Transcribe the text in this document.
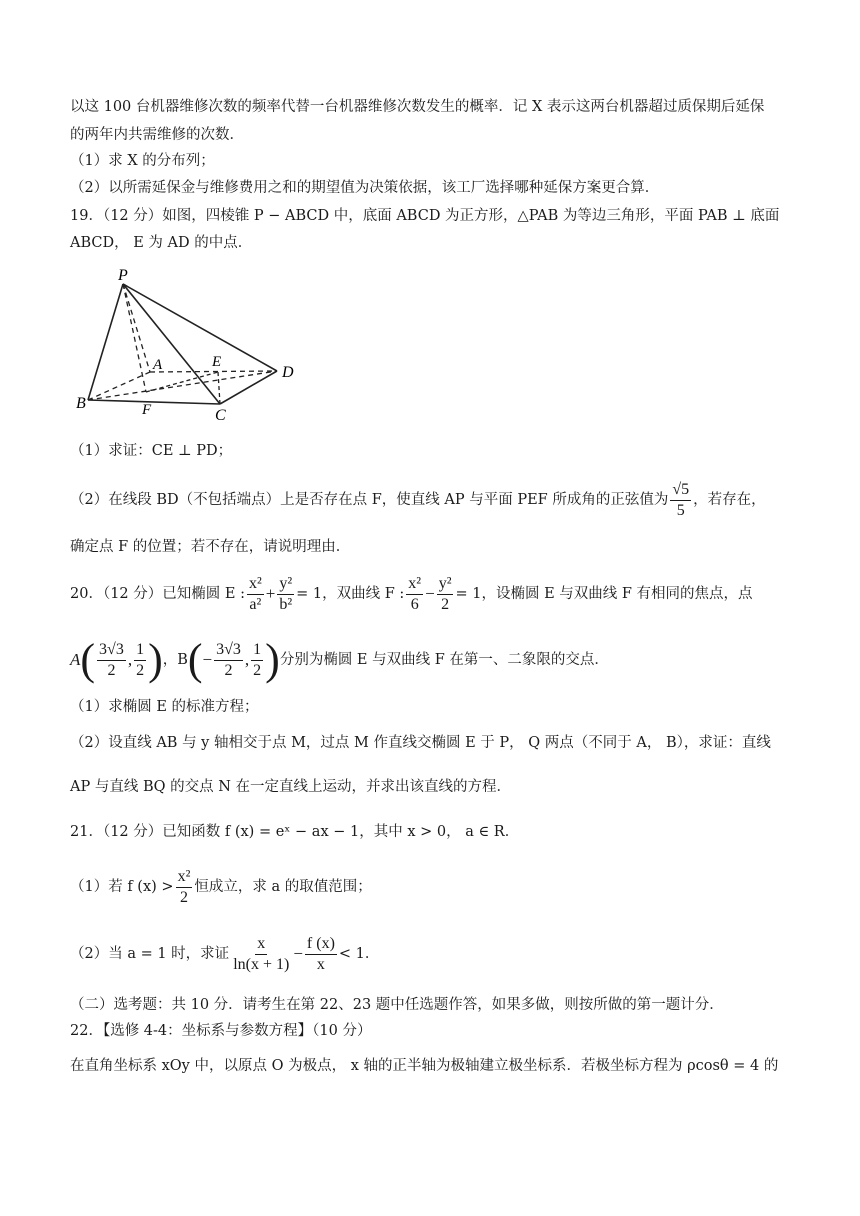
以这 100 台机器维修次数的频率代替一台机器维修次数发生的概率．记 X 表示这两台机器超过质保期后延保
的两年内共需维修的次数．
（1）求 X 的分布列；
（2）以所需延保金与维修费用之和的期望值为决策依据，该工厂选择哪种延保方案更合算．
19．（12 分）如图，四棱锥 P − ABCD 中，底面 ABCD 为正方形，△PAB 为等边三角形，平面 PAB ⊥ 底面
ABCD， E 为 AD 的中点．
P
A	E
D
B	F	C
（1）求证：CE ⊥ PD；
（2）在线段 BD（不包括端点）上是否存在点 F，使直线 AP 与平面 PEF 所成角的正弦值为 $\frac{√5}{5}$ ，若存在，
确定点 F 的位置；若不存在，请说明理由．
20．（12 分）已知椭圆 E : $\frac{\text{x²}}{\text{a²}} + \frac{\text{y²}}{\text{b²}} = 1$，双曲线 F : $\frac{\text{x²}}{6} - \frac{\text{y²}}{2} = 1$，设椭圆 E 与双曲线 F 有相同的焦点，点
A ( $\frac{3√3}{2}$ , $\frac{1}{2}$ ) ，B ( − $\frac{3√3}{2}$ , $\frac{1}{2}$ ) 分别为椭圆 E 与双曲线 F 在第一、二象限的交点．
（1）求椭圆 E 的标准方程；
（2）设直线 AB 与 y 轴相交于点 M，过点 M 作直线交椭圆 E 于 P， Q 两点（不同于 A， B），求证：直线
AP 与直线 BQ 的交点 N 在一定直线上运动，并求出该直线的方程．
21．（12 分）已知函数 f (x) = eˣ − ax − 1，其中 x > 0， a ∈ R．
（1）若 f $(x) > \frac{\text{x²}}{2}$ 恒成立，求 a 的取值范围；
（2）当 a = 1 时，求证 $\frac{x}{\ln(x + 1)} - \frac{f (x)}{x} < 1$．
（二）选考题：共 10 分．请考生在第 22、23 题中任选题作答，如果多做，则按所做的第一题计分．
22．【选修 4-4：坐标系与参数方程】（10 分）
在直角坐标系 xOy 中，以原点 O 为极点， x 轴的正半轴为极轴建立极坐标系．若极坐标方程为 ρcosθ = 4 的
